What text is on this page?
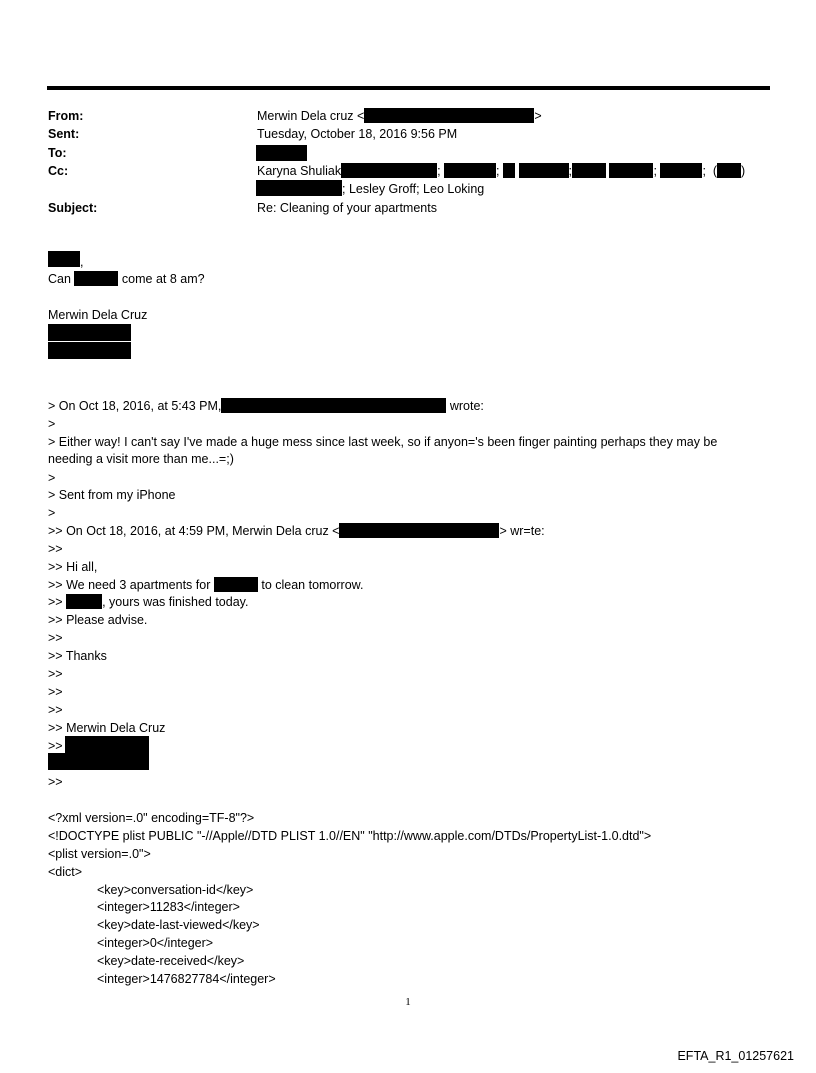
From:	Merwin Dela cruz <	>
Sent:	Tuesday, October 18, 2016 9:56 PM
To:
Cc:	Karyna Shuliak	;	;	;	;	; ( )
; Lesley Groff; Leo Loking
Subject:	Re: Cleaning of your apartments
,
Can	come at 8 am?
Merwin Dela Cruz
> On Oct 18, 2016, at 5:43 PM,	wrote:
>
> Either way! I can't say I've made a huge mess since last week, so if anyon='s been finger painting perhaps they may be
needing a visit more than me...=;)
>
> Sent from my iPhone
>
>> On Oct 18, 2016, at 4:59 PM, Merwin Dela cruz <	> wr=te:
>>
>> Hi all,
>> We need 3 apartments for	to clean tomorrow.
>>	, yours was finished today.
>> Please advise.
>>
>> Thanks
>>
>>
>>
>> Merwin Dela Cruz
>>
>>
<?xml version=.0" encoding=TF-8"?>
<!DOCTYPE plist PUBLIC "-//Apple//DTD PLIST 1.0//EN" "http://www.apple.com/DTDs/PropertyList-1.0.dtd">
<plist version=.0">
<dict>
<key>conversation-id</key>
<integer>11283</integer>
<key>date-last-viewed</key>
<integer>0</integer>
<key>date-received</key>
<integer>1476827784</integer>
1
EFTA_R1_01257621
